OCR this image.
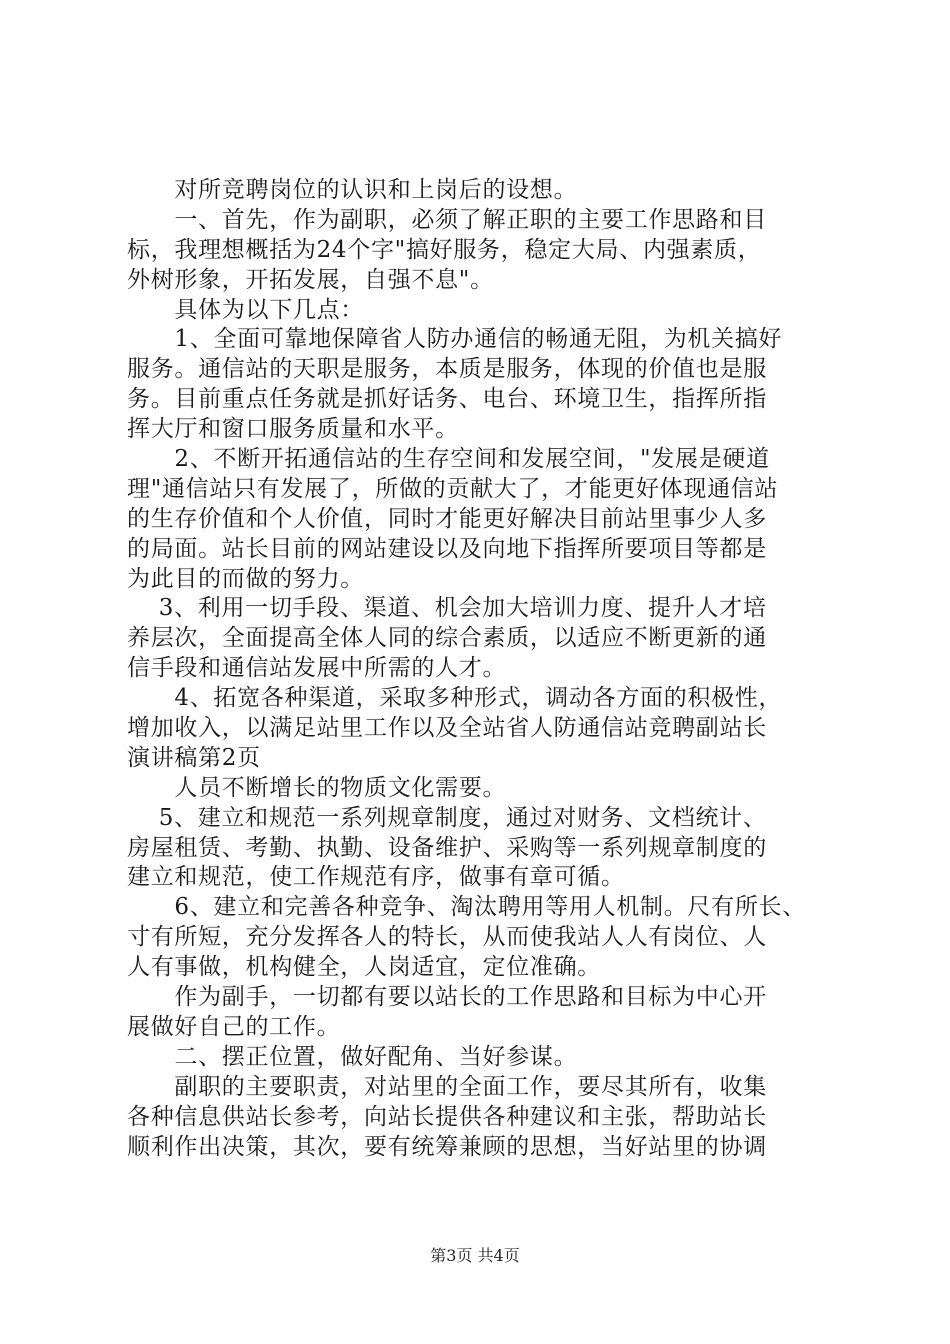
　　对所竞聘岗位的认识和上岗后的设想。
　　一、首先，作为副职，必须了解正职的主要工作思路和目
标，我理想概括为24个字"搞好服务，稳定大局、内强素质，
外树形象，开拓发展，自强不息"。
　　具体为以下几点：
　　1、全面可靠地保障省人防办通信的畅通无阻，为机关搞好
服务。通信站的天职是服务，本质是服务，体现的价值也是服
务。目前重点任务就是抓好话务、电台、环境卫生，指挥所指
挥大厅和窗口服务质量和水平。
　　2、不断开拓通信站的生存空间和发展空间，"发展是硬道
理"通信站只有发展了，所做的贡献大了，才能更好体现通信站
的生存价值和个人价值，同时才能更好解决目前站里事少人多
的局面。站长目前的网站建设以及向地下指挥所要项目等都是
为此目的而做的努力。
　 3、利用一切手段、渠道、机会加大培训力度、提升人才培
养层次，全面提高全体人同的综合素质，以适应不断更新的通
信手段和通信站发展中所需的人才。
　　4、拓宽各种渠道，采取多种形式，调动各方面的积极性，
增加收入，以满足站里工作以及全站省人防通信站竞聘副站长
演讲稿第2页
　　人员不断增长的物质文化需要。
　 5、建立和规范一系列规章制度，通过对财务、文档统计、
房屋租赁、考勤、执勤、设备维护、采购等一系列规章制度的
建立和规范，使工作规范有序，做事有章可循。
　　6、建立和完善各种竞争、淘汰聘用等用人机制。尺有所长、
寸有所短，充分发挥各人的特长，从而使我站人人有岗位、人
人有事做，机构健全，人岗适宜，定位准确。
　　作为副手，一切都有要以站长的工作思路和目标为中心开
展做好自己的工作。
　　二、摆正位置，做好配角、当好参谋。
　　副职的主要职责，对站里的全面工作，要尽其所有，收集
各种信息供站长参考，向站长提供各种建议和主张，帮助站长
顺利作出决策，其次，要有统筹兼顾的思想，当好站里的协调
第3页 共4页
